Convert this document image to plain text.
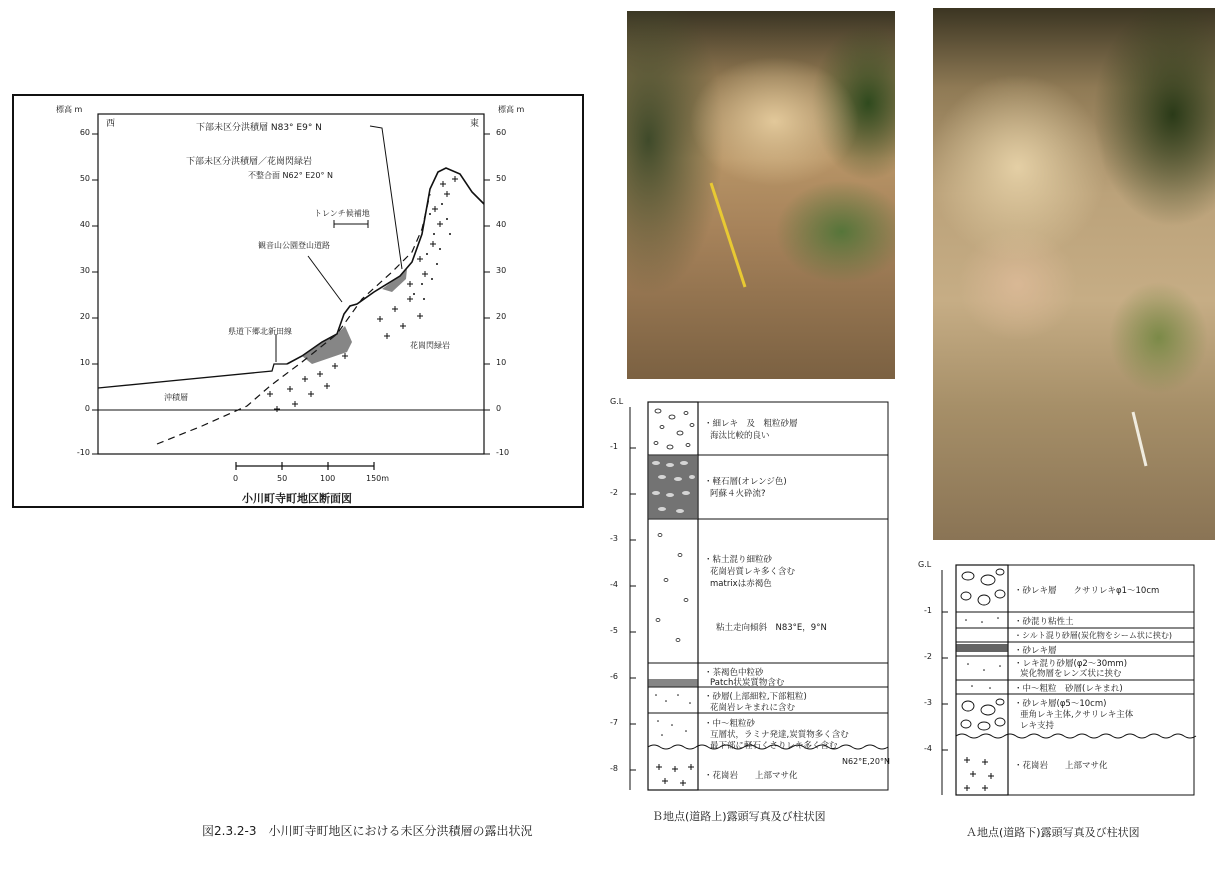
標高 m	標高 m
西	東
60
50
40
30
20
10
0
-10
60
50
40
30
20
10
0
-10
下部未区分洪積層 N83° E9° N
下部未区分洪積層／花崗閃緑岩
不整合面 N62° E20° N
トレンチ候補地
観音山公園登山道路
県道下郷北新田線
花崗閃緑岩
沖積層
0	50	100	150m
小川町寺町地区断面図
図2.3.2-3　小川町寺町地区における未区分洪積層の露出状況
G.L
-1
-2
-3
-4
-5
-6
-7
-8
・細レキ　及　粗粒砂層
海汰比較的良い
・軽石層(オレンジ色)
阿蘇４火砕流?
・粘土混り細粒砂
花崗岩質レキ多く含む
matrixは赤褐色
粘土走向傾斜　N83°E，9°N
・茶褐色中粒砂
Patch状炭質物含む
・砂層(上部細粒,下部粗粒)
花崗岩レキまれに含む
・中～粗粒砂
互層状，ラミナ発達,炭質物多く含む
最下部に軽石くさりレキ多く含む
N62°E,20°N
・花崗岩　　上部マサ化
Ｂ地点(道路上)露頭写真及び柱状図
G.L
-1
-2
-3
-4
・砂レキ層　　クサリレキφ1～10cm
・砂混り粘性土
・シルト混り砂層(炭化物をシーム状に挟む)
・砂レキ層
・レキ混り砂層(φ2～30mm)
炭化物層をレンズ状に挟む
・中～粗粒　砂層(レキまれ)
・砂レキ層(φ5～10cm)
亜角レキ主体,クサリレキ主体
レキ支持
・花崗岩　　上部マサ化
Ａ地点(道路下)露頭写真及び柱状図
